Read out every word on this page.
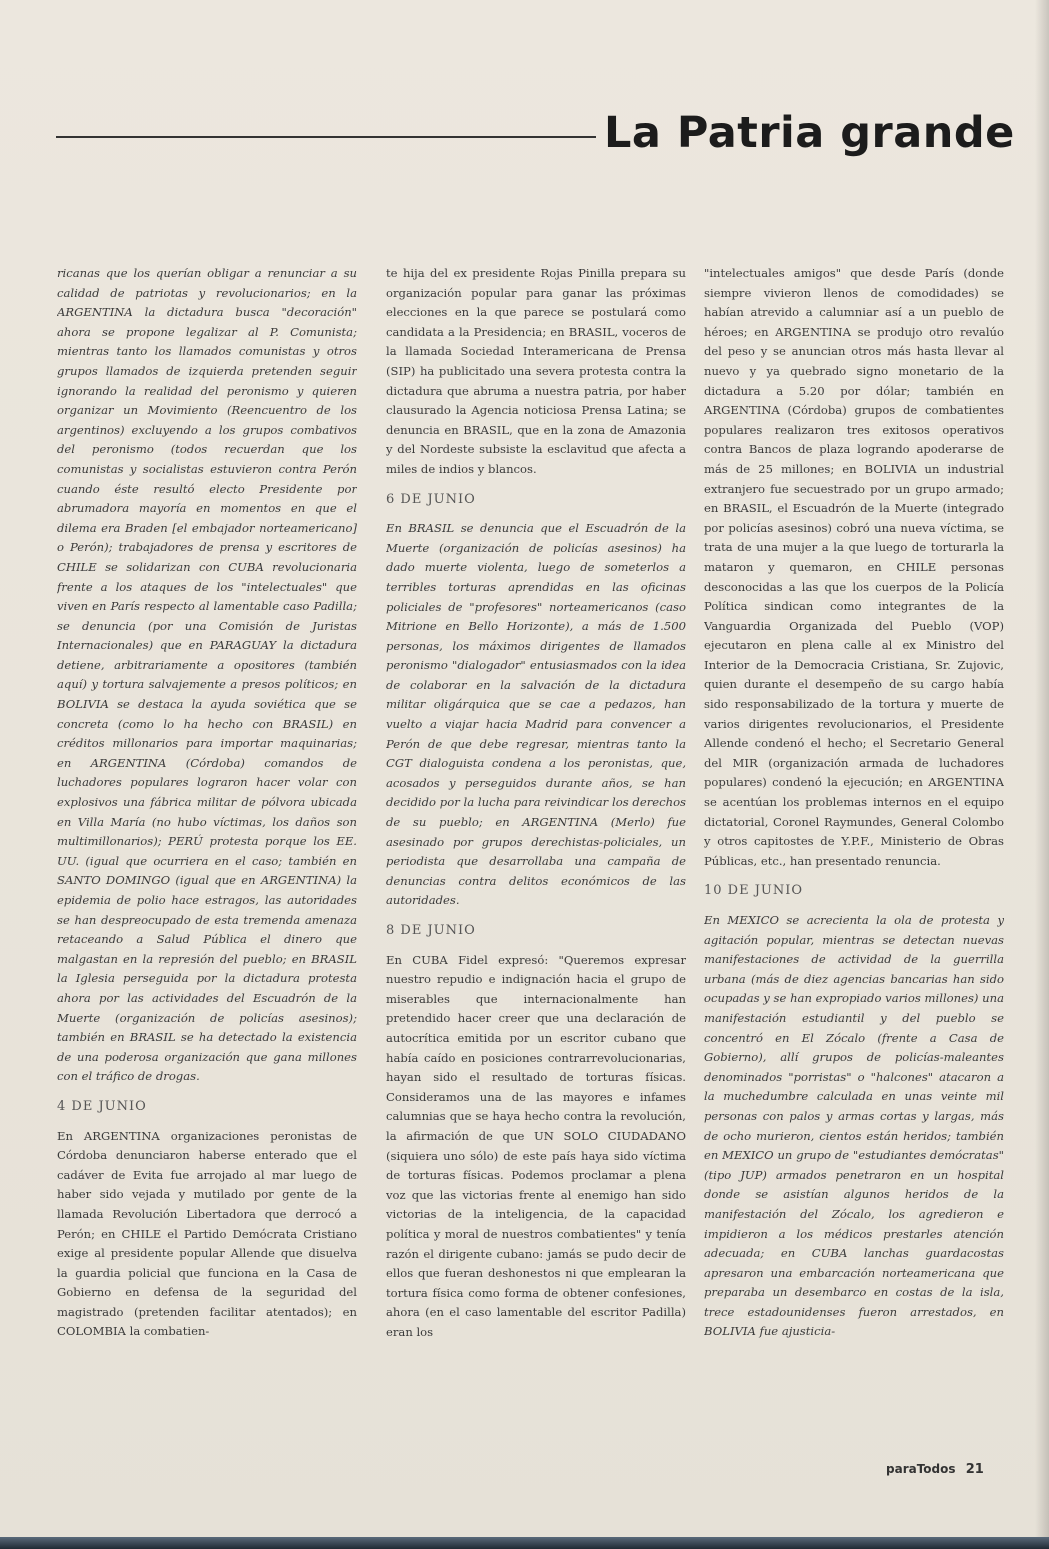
La Patria grande

ricanas que los querían obligar a renunciar a su calidad de patriotas y revolucionarios; en la ARGENTINA la dictadura busca "decoración" ahora se propone legalizar al P. Comunista; mientras tanto los llamados comunistas y otros grupos llamados de izquierda pretenden seguir ignorando la realidad del peronismo y quieren organizar un Movimiento (Reencuentro de los argentinos) excluyendo a los grupos combativos del peronismo (todos recuerdan que los comunistas y socialistas estuvieron contra Perón cuando éste resultó electo Presidente por abrumadora mayoría en momentos en que el dilema era Braden [el embajador norteamericano] o Perón); trabajadores de prensa y escritores de CHILE se solidarizan con CUBA revolucionaria frente a los ataques de los "intelectuales" que viven en París respecto al lamentable caso Padilla; se denuncia (por una Comisión de Juristas Internacionales) que en PARAGUAY la dictadura detiene, arbitrariamente a opositores (también aquí) y tortura salvajemente a presos políticos; en BOLIVIA se destaca la ayuda soviética que se concreta (como lo ha hecho con BRASIL) en créditos millonarios para importar maquinarias; en ARGENTINA (Córdoba) comandos de luchadores populares lograron hacer volar con explosivos una fábrica militar de pólvora ubicada en Villa María (no hubo víctimas, los daños son multimillonarios); PERÚ protesta porque los EE. UU. (igual que ocurriera en el caso; también en SANTO DOMINGO (igual que en ARGENTINA) la epidemia de polio hace estragos, las autoridades se han despreocupado de esta tremenda amenaza retaceando a Salud Pública el dinero que malgastan en la represión del pueblo; en BRASIL la Iglesia perseguida por la dictadura protesta ahora por las actividades del Escuadrón de la Muerte (organización de policías asesinos); también en BRASIL se ha detectado la existencia de una poderosa organización que gana millones con el tráfico de drogas.

4 DE JUNIO

En ARGENTINA organizaciones peronistas de Córdoba denunciaron haberse enterado que el cadáver de Evita fue arrojado al mar luego de haber sido vejada y mutilado por gente de la llamada Revolución Libertadora que derrocó a Perón; en CHILE el Partido Demócrata Cristiano exige al presidente popular Allende que disuelva la guardia policial que funciona en la Casa de Gobierno en defensa de la seguridad del magistrado (pretenden facilitar atentados); en COLOMBIA la combatien-

te hija del ex presidente Rojas Pinilla prepara su organización popular para ganar las próximas elecciones en la que parece se postulará como candidata a la Presidencia; en BRASIL, voceros de la llamada Sociedad Interamericana de Prensa (SIP) ha publicitado una severa protesta contra la dictadura que abruma a nuestra patria, por haber clausurado la Agencia noticiosa Prensa Latina; se denuncia en BRASIL, que en la zona de Amazonia y del Nordeste subsiste la esclavitud que afecta a miles de indios y blancos.

6 DE JUNIO

En BRASIL se denuncia que el Escuadrón de la Muerte (organización de policías asesinos) ha dado muerte violenta, luego de someterlos a terribles torturas aprendidas en las oficinas policiales de "profesores" norteamericanos (caso Mitrione en Bello Horizonte), a más de 1.500 personas, los máximos dirigentes de llamados peronismo "dialogador" entusiasmados con la idea de colaborar en la salvación de la dictadura militar oligárquica que se cae a pedazos, han vuelto a viajar hacia Madrid para convencer a Perón de que debe regresar, mientras tanto la CGT dialoguista condena a los peronistas, que, acosados y perseguidos durante años, se han decidido por la lucha para reivindicar los derechos de su pueblo; en ARGENTINA (Merlo) fue asesinado por grupos derechistas-policiales, un periodista que desarrollaba una campaña de denuncias contra delitos económicos de las autoridades.

8 DE JUNIO

En CUBA Fidel expresó: "Queremos expresar nuestro repudio e indignación hacia el grupo de miserables que internacionalmente han pretendido hacer creer que una declaración de autocrítica emitida por un escritor cubano que había caído en posiciones contrarrevolucionarias, hayan sido el resultado de torturas físicas. Consideramos una de las mayores e infames calumnias que se haya hecho contra la revolución, la afirmación de que UN SOLO CIUDADANO (siquiera uno sólo) de este país haya sido víctima de torturas físicas. Podemos proclamar a plena voz que las victorias frente al enemigo han sido victorias de la inteligencia, de la capacidad política y moral de nuestros combatientes" y tenía razón el dirigente cubano: jamás se pudo decir de ellos que fueran deshonestos ni que emplearan la tortura física como forma de obtener confesiones, ahora (en el caso lamentable del escritor Padilla) eran los

"intelectuales amigos" que desde París (donde siempre vivieron llenos de comodidades) se habían atrevido a calumniar así a un pueblo de héroes; en ARGENTINA se produjo otro revalúo del peso y se anuncian otros más hasta llevar al nuevo y ya quebrado signo monetario de la dictadura a 5.20 por dólar; también en ARGENTINA (Córdoba) grupos de combatientes populares realizaron tres exitosos operativos contra Bancos de plaza logrando apoderarse de más de 25 millones; en BOLIVIA un industrial extranjero fue secuestrado por un grupo armado; en BRASIL, el Escuadrón de la Muerte (integrado por policías asesinos) cobró una nueva víctima, se trata de una mujer a la que luego de torturarla la mataron y quemaron, en CHILE personas desconocidas a las que los cuerpos de la Policía Política sindican como integrantes de la Vanguardia Organizada del Pueblo (VOP) ejecutaron en plena calle al ex Ministro del Interior de la Democracia Cristiana, Sr. Zujovic, quien durante el desempeño de su cargo había sido responsabilizado de la tortura y muerte de varios dirigentes revolucionarios, el Presidente Allende condenó el hecho; el Secretario General del MIR (organización armada de luchadores populares) condenó la ejecución; en ARGENTINA se acentúan los problemas internos en el equipo dictatorial, Coronel Raymundes, General Colombo y otros capitostes de Y.P.F., Ministerio de Obras Públicas, etc., han presentado renuncia.

10 DE JUNIO

En MEXICO se acrecienta la ola de protesta y agitación popular, mientras se detectan nuevas manifestaciones de actividad de la guerrilla urbana (más de diez agencias bancarias han sido ocupadas y se han expropiado varios millones) una manifestación estudiantil y del pueblo se concentró en El Zócalo (frente a Casa de Gobierno), allí grupos de policías-maleantes denominados "porristas" o "halcones" atacaron a la muchedumbre calculada en unas veinte mil personas con palos y armas cortas y largas, más de ocho murieron, cientos están heridos; también en MEXICO un grupo de "estudiantes demócratas" (tipo JUP) armados penetraron en un hospital donde se asistían algunos heridos de la manifestación del Zócalo, los agredieron e impidieron a los médicos prestarles atención adecuada; en CUBA lanchas guardacostas apresaron una embarcación norteamericana que preparaba un desembarco en costas de la isla, trece estadounidenses fueron arrestados, en BOLIVIA fue ajusticia-

paraTodos 21
